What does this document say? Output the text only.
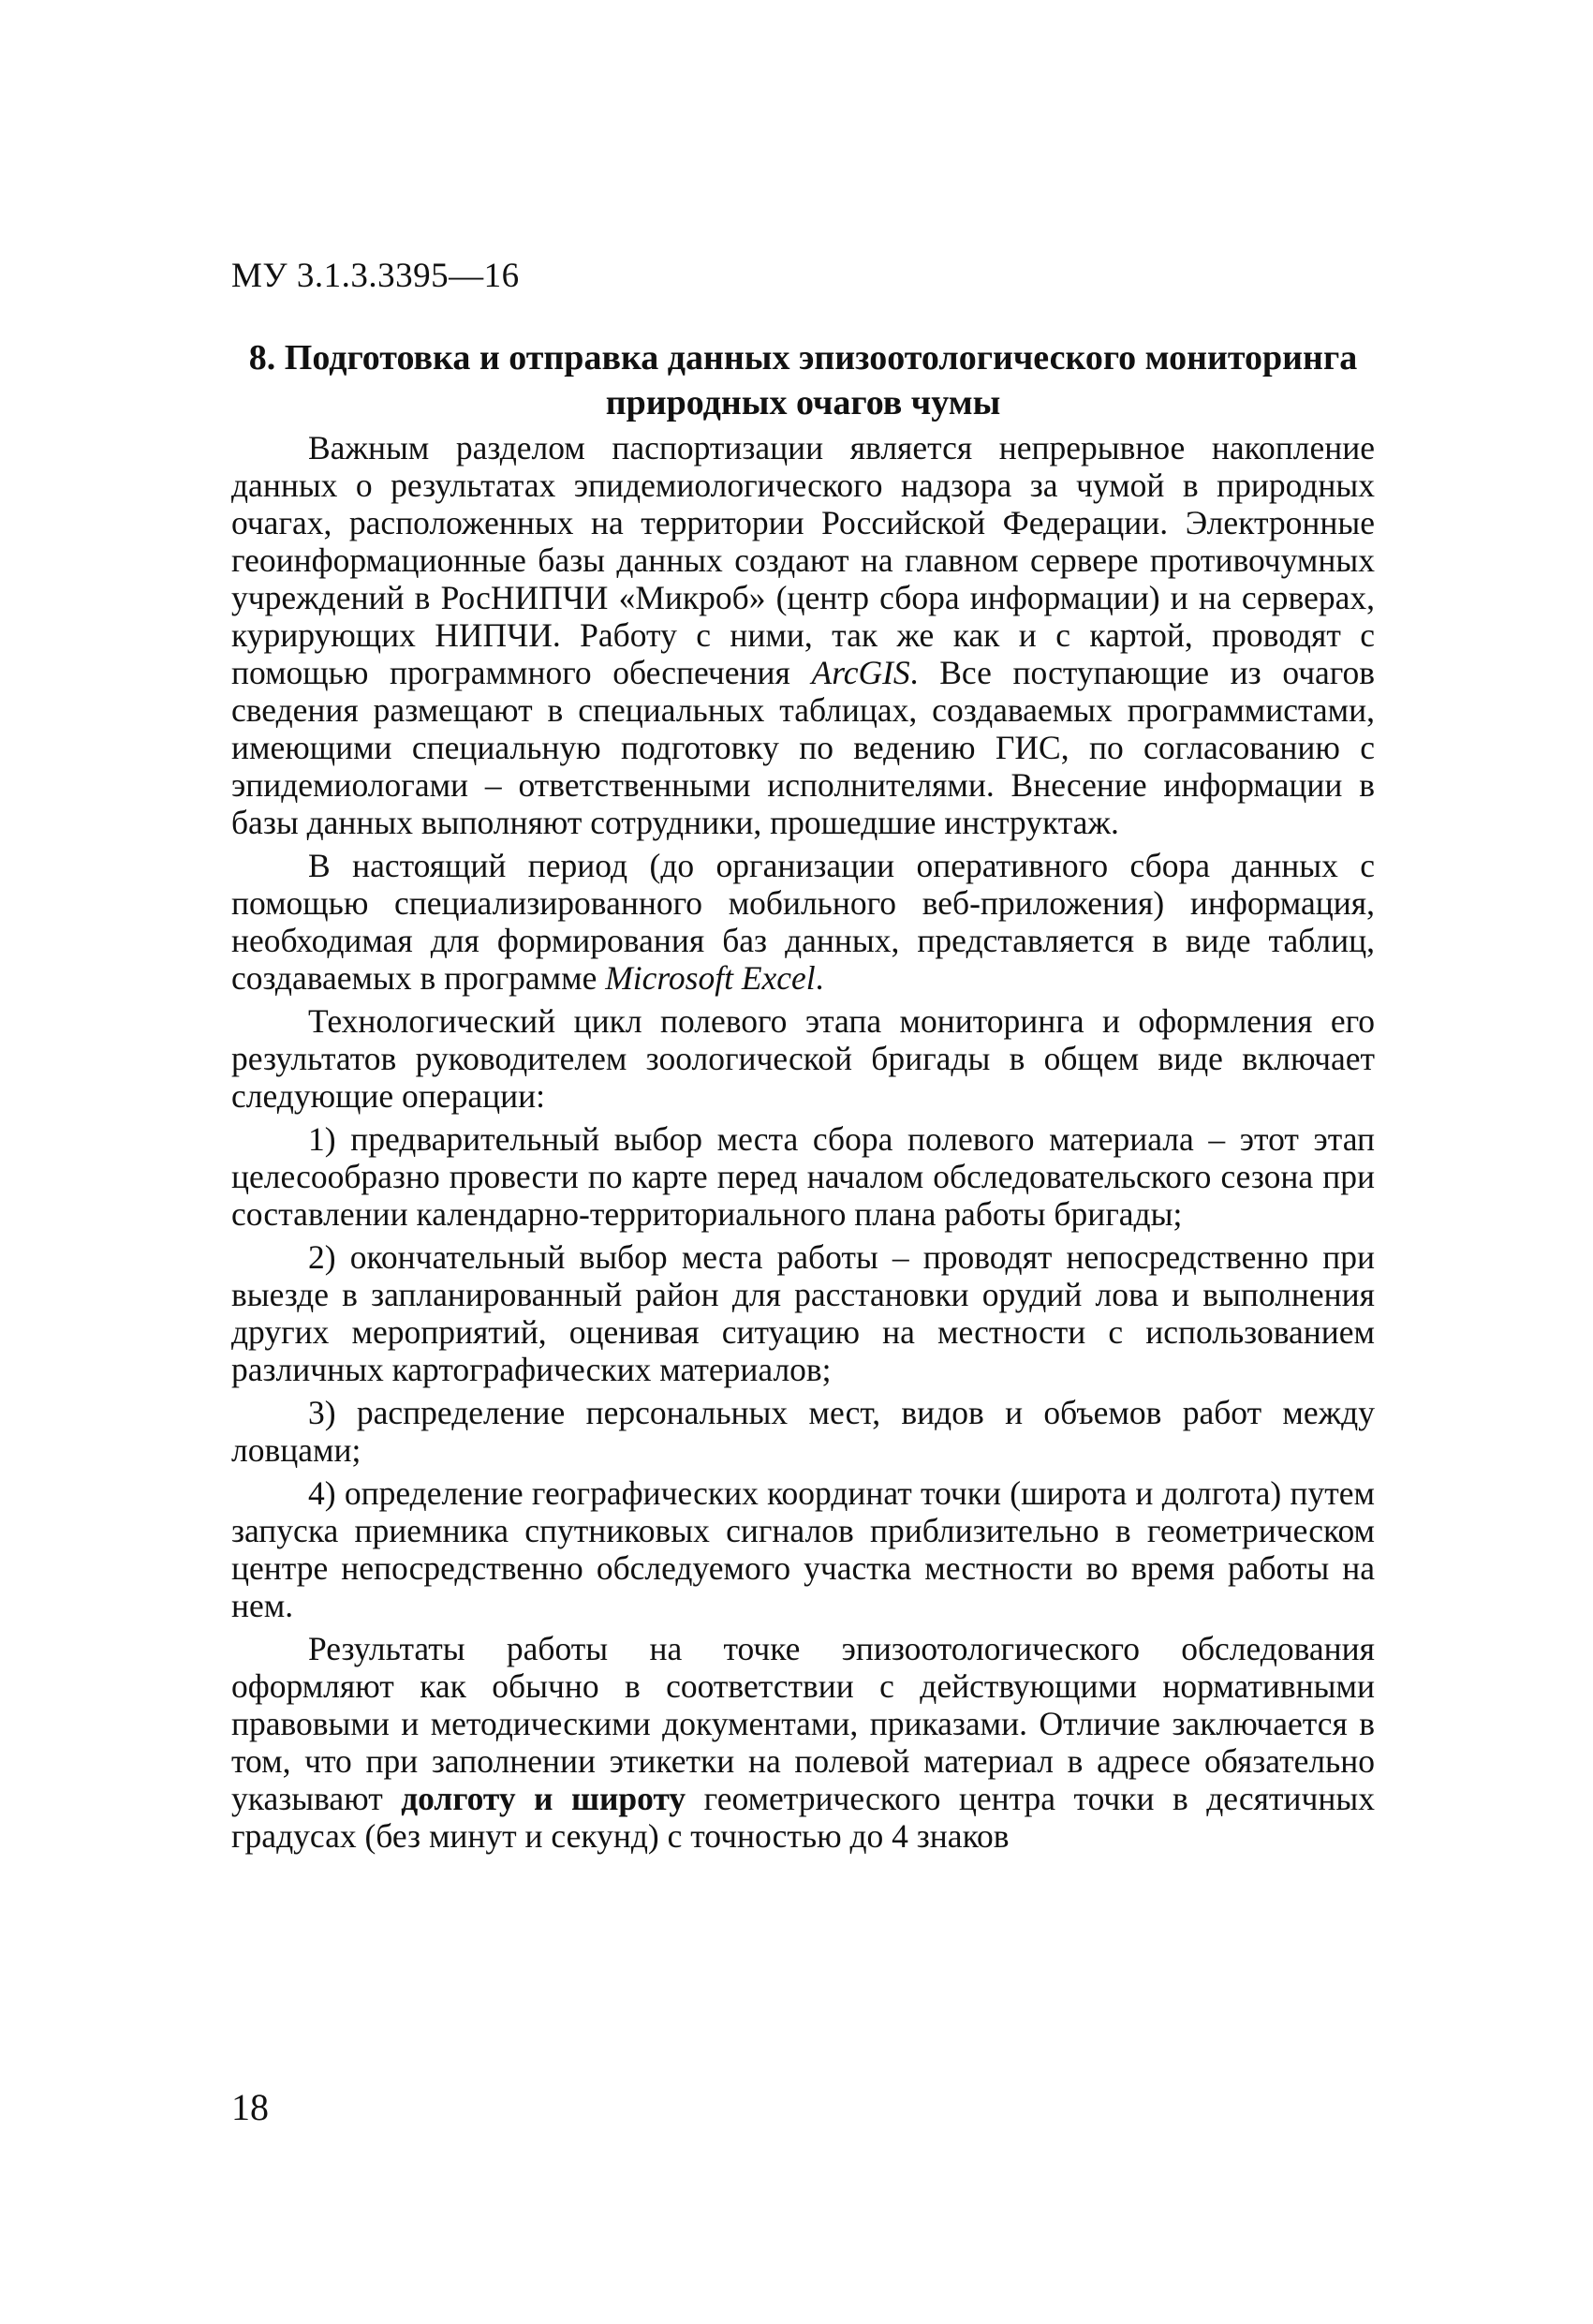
МУ 3.1.3.3395—16
8. Подготовка и отправка данных эпизоотологического мониторинга природных очагов чумы

Важным разделом паспортизации является непрерывное накопление данных о результатах эпидемиологического надзора за чумой в природных очагах, расположенных на территории Российской Федерации. Электронные геоинформационные базы данных создают на главном сервере противочумных учреждений в РосНИПЧИ «Микроб» (центр сбора информации) и на серверах, курирующих НИПЧИ. Работу с ними, так же как и с картой, проводят с помощью программного обеспечения ArcGIS. Все поступающие из очагов сведения размещают в специальных таблицах, создаваемых программистами, имеющими специальную подготовку по ведению ГИС, по согласованию с эпидемиологами – ответственными исполнителями. Внесение информации в базы данных выполняют сотрудники, прошедшие инструктаж.

В настоящий период (до организации оперативного сбора данных с помощью специализированного мобильного веб-приложения) информация, необходимая для формирования баз данных, представляется в виде таблиц, создаваемых в программе Microsoft Excel.

Технологический цикл полевого этапа мониторинга и оформления его результатов руководителем зоологической бригады в общем виде включает следующие операции:

1) предварительный выбор места сбора полевого материала – этот этап целесообразно провести по карте перед началом обследовательского сезона при составлении календарно-территориального плана работы бригады;

2) окончательный выбор места работы – проводят непосредственно при выезде в запланированный район для расстановки орудий лова и выполнения других мероприятий, оценивая ситуацию на местности с использованием различных картографических материалов;

3) распределение персональных мест, видов и объемов работ между ловцами;

4) определение географических координат точки (широта и долгота) путем запуска приемника спутниковых сигналов приблизительно в геометрическом центре непосредственно обследуемого участка местности во время работы на нем.

Результаты работы на точке эпизоотологического обследования оформляют как обычно в соответствии с действующими нормативными правовыми и методическими документами, приказами. Отличие заключается в том, что при заполнении этикетки на полевой материал в адресе обязательно указывают долготу и широту геометрического центра точки в десятичных градусах (без минут и секунд) с точностью до 4 знаков

18
